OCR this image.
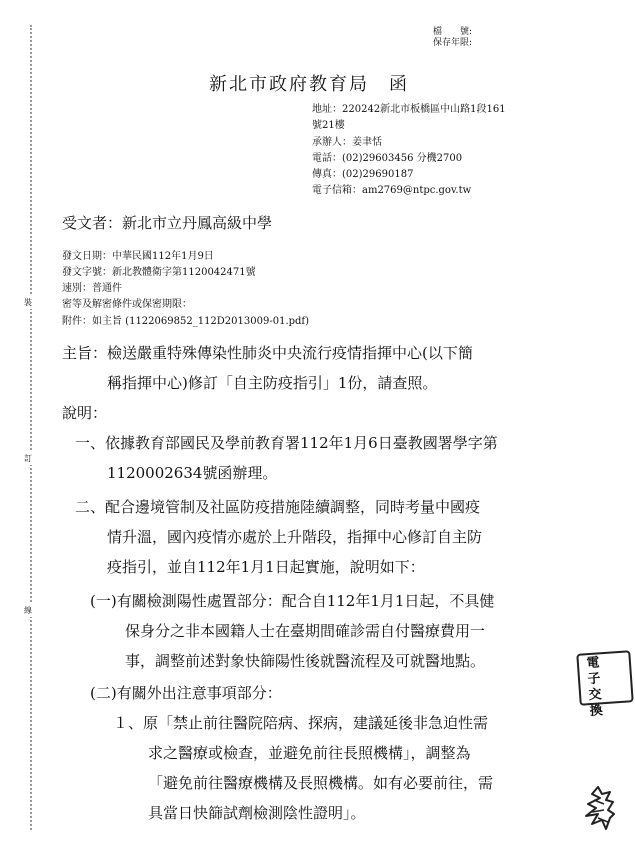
裝
訂
線
檔　　號:
保存年限:
新北市政府教育局　函
地址：220242新北市板橋區中山路1段161
號21樓
承辦人：姜聿恬
電話：(02)29603456 分機2700
傳真：(02)29690187
電子信箱：am2769@ntpc.gov.tw
受文者：新北市立丹鳳高級中學
發文日期：中華民國112年1月9日
發文字號：新北教體衛字第1120042471號
速別：普通件
密等及解密條件或保密期限：
附件：如主旨 (1122069852_112D2013009-01.pdf)
主旨：檢送嚴重特殊傳染性肺炎中央流行疫情指揮中心(以下簡
稱指揮中心)修訂「自主防疫指引」1份，請查照。
說明：
一、依據教育部國民及學前教育署112年1月6日臺教國署學字第
1120002634號函辦理。
二、配合邊境管制及社區防疫措施陸續調整，同時考量中國疫
情升溫，國內疫情亦處於上升階段，指揮中心修訂自主防
疫指引，並自112年1月1日起實施，說明如下：
(一)有關檢測陽性處置部分：配合自112年1月1日起，不具健
保身分之非本國籍人士在臺期間確診需自付醫療費用一
事，調整前述對象快篩陽性後就醫流程及可就醫地點。
(二)有關外出注意事項部分：
１、原「禁止前往醫院陪病、探病，建議延後非急迫性需
求之醫療或檢查，並避免前往長照機構」，調整為
「避免前往醫療機構及長照機構。如有必要前往，需
具當日快篩試劑檢測陰性證明」。
電
子
交
換
